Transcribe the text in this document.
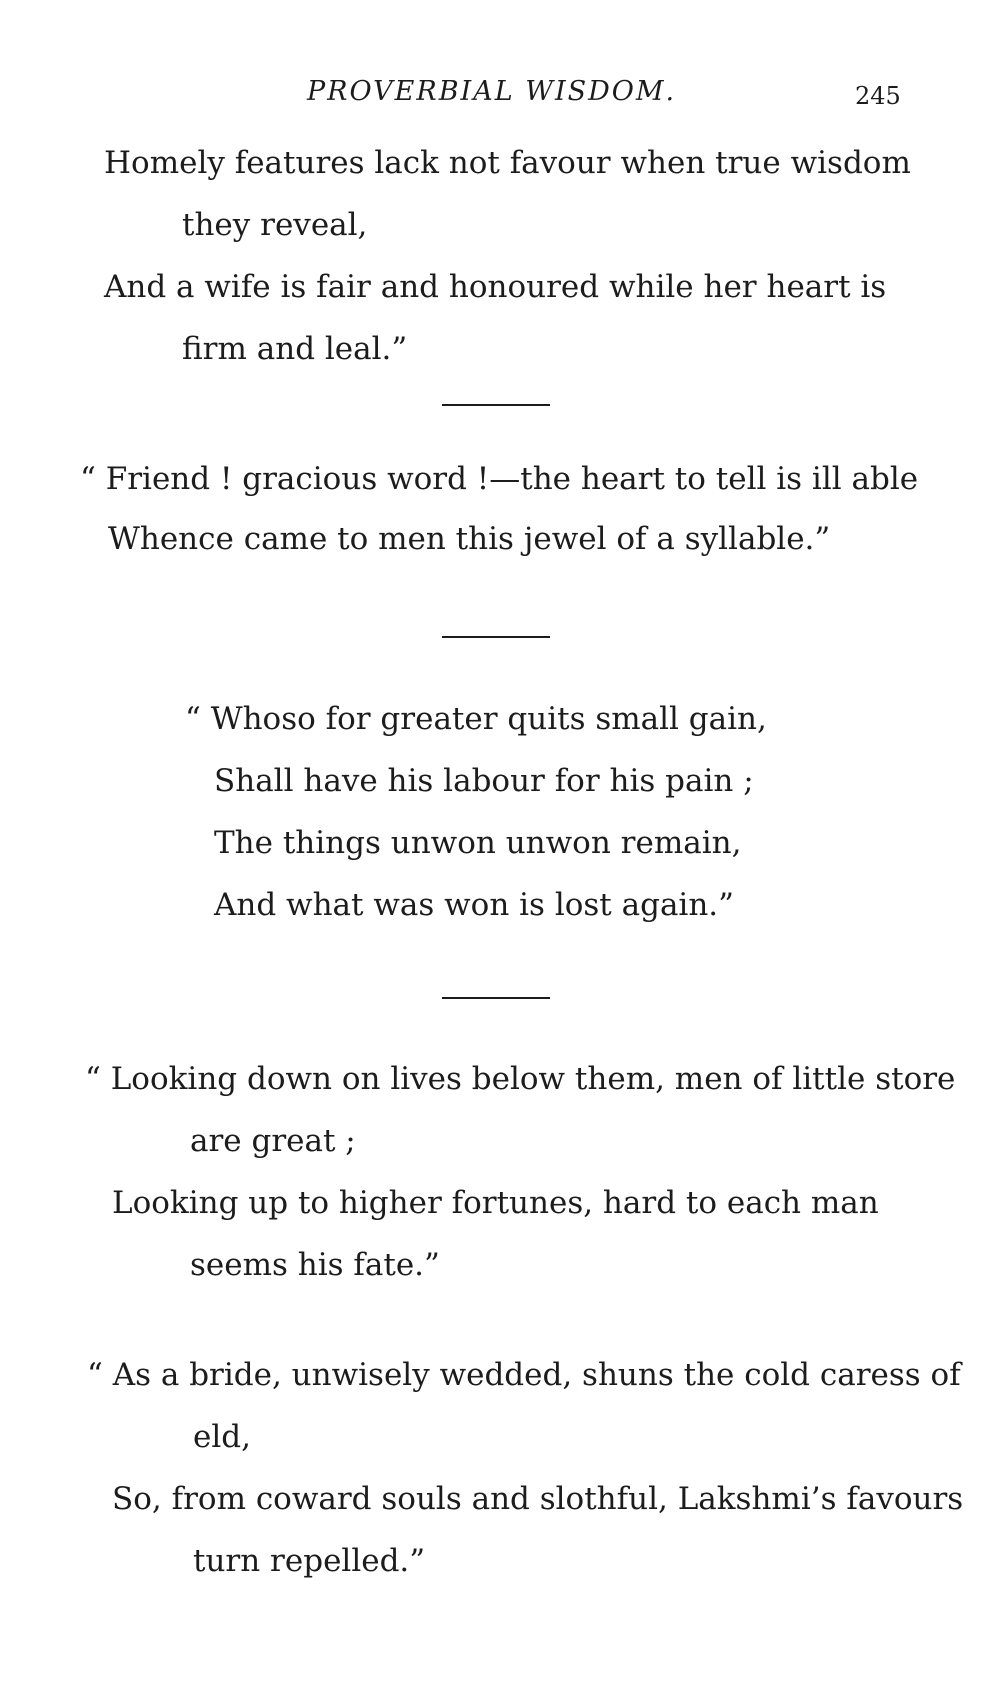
PROVERBIAL WISDOM.	245
Homely features lack not favour when true wisdom
they reveal,
And a wife is fair and honoured while her heart is
firm and leal.”
“ Friend ! gracious word !—the heart to tell is ill able
Whence came to men this jewel of a syllable.”
“ Whoso for greater quits small gain,
Shall have his labour for his pain ;
The things unwon unwon remain,
And what was won is lost again.”
“ Looking down on lives below them, men of little store
are great ;
Looking up to higher fortunes, hard to each man
seems his fate.”
“ As a bride, unwisely wedded, shuns the cold caress of
eld,
So, from coward souls and slothful, Lakshmi’s favours
turn repelled.”
